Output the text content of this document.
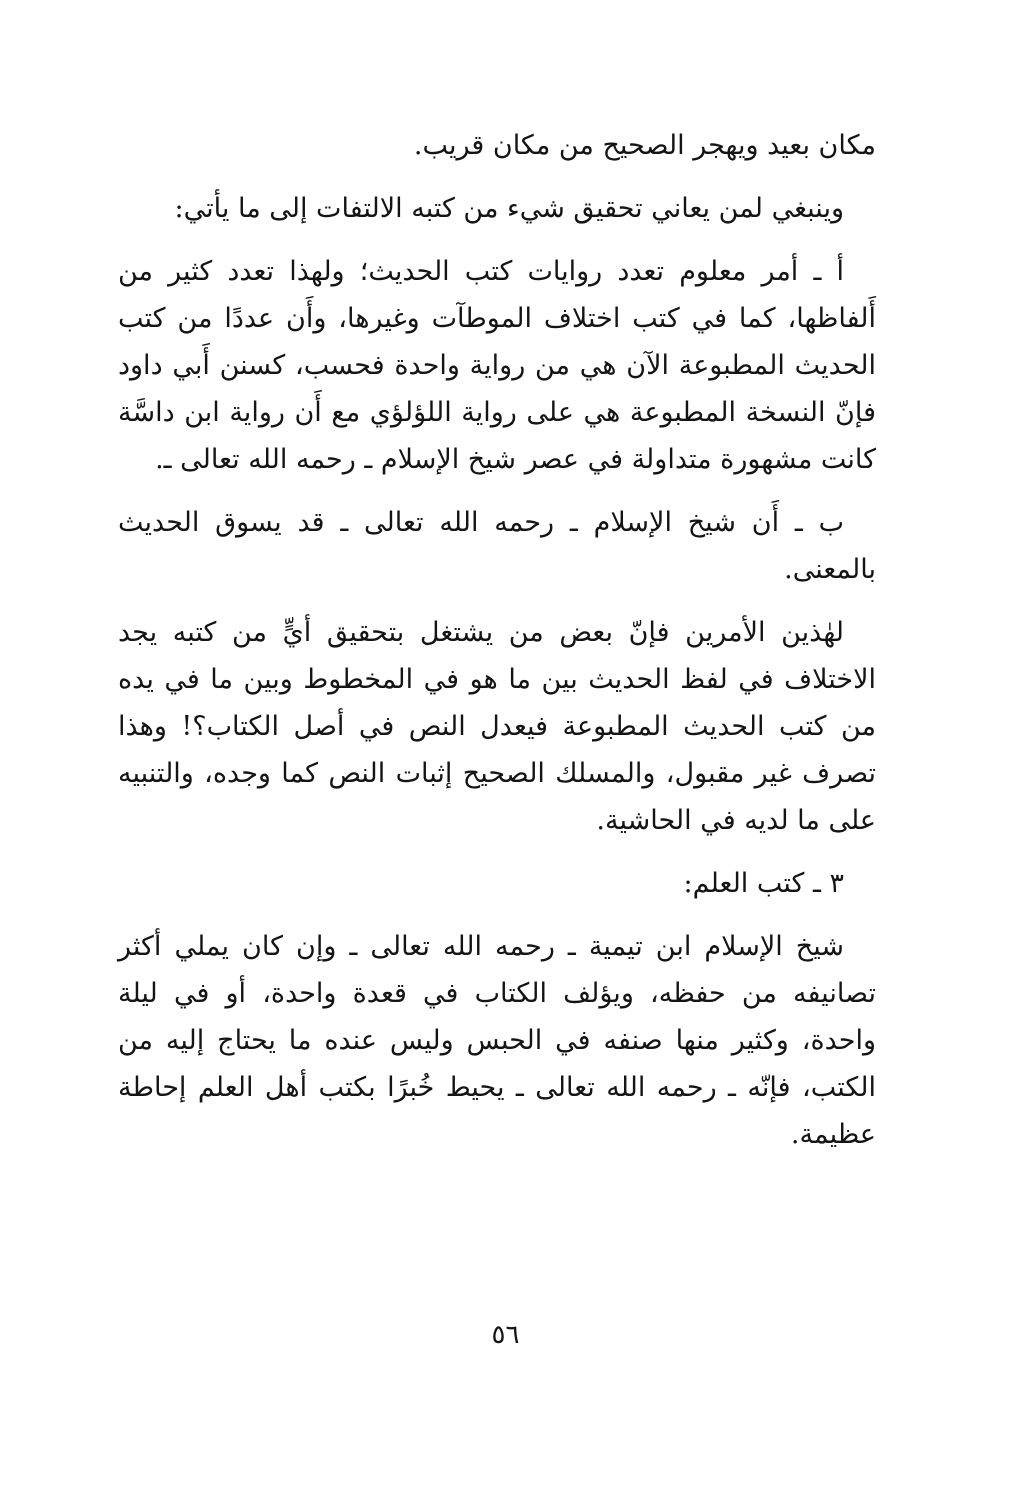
مكان بعيد ويهجر الصحيح من مكان قريب.

وينبغي لمن يعاني تحقيق شيء من كتبه الالتفات إلى ما يأتي:

أ ـ أمر معلوم تعدد روايات كتب الحديث؛ ولهذا تعدد كثير من أَلفاظها، كما في كتب اختلاف الموطآت وغيرها، وأَن عددًا من كتب الحديث المطبوعة الآن هي من رواية واحدة فحسب، كسنن أَبي داود فإنّ النسخة المطبوعة هي على رواية اللؤلؤي مع أَن رواية ابن داسَّة كانت مشهورة متداولة في عصر شيخ الإسلام ـ رحمه الله تعالى ـ.

ب ـ أَن شيخ الإسلام ـ رحمه الله تعالى ـ قد يسوق الحديث بالمعنى.

لهٰذين الأمرين فإنّ بعض من يشتغل بتحقيق أيٍّ من كتبه يجد الاختلاف في لفظ الحديث بين ما هو في المخطوط وبين ما في يده من كتب الحديث المطبوعة فيعدل النص في أصل الكتاب؟! وهذا تصرف غير مقبول، والمسلك الصحيح إثبات النص كما وجده، والتنبيه على ما لديه في الحاشية.

٣ ـ كتب العلم:

شيخ الإسلام ابن تيمية ـ رحمه الله تعالى ـ وإن كان يملي أكثر تصانيفه من حفظه، ويؤلف الكتاب في قعدة واحدة، أو في ليلة واحدة، وكثير منها صنفه في الحبس وليس عنده ما يحتاج إليه من الكتب، فإنّه ـ رحمه الله تعالى ـ يحيط خُبرًا بكتب أهل العلم إحاطة عظيمة.

٥٦
